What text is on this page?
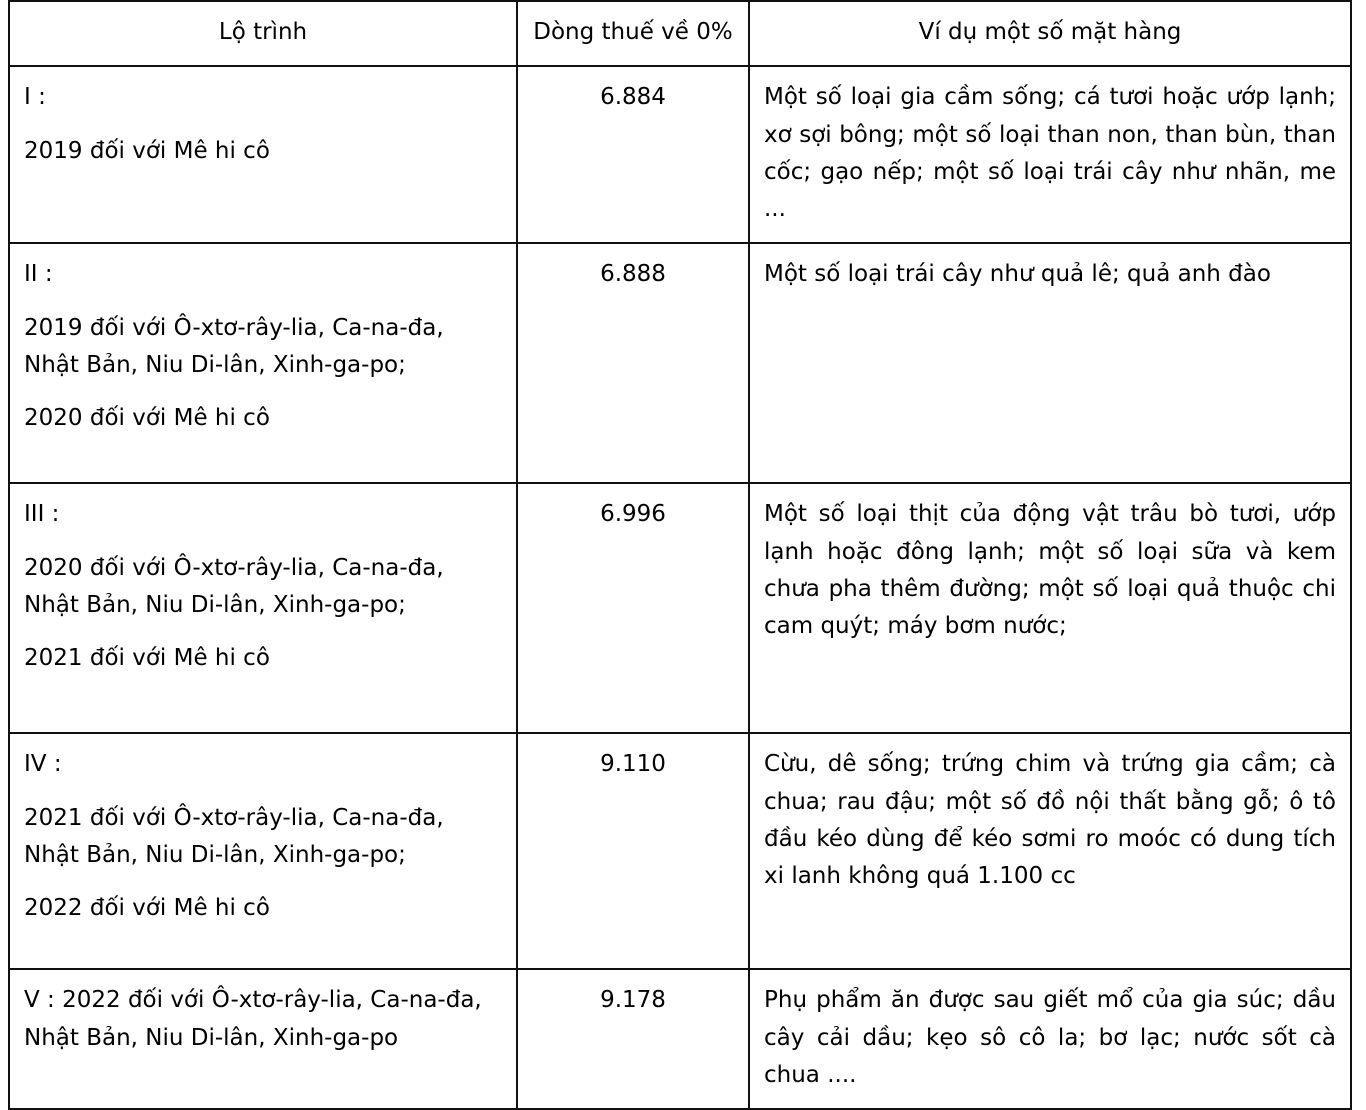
Lộ trình	Dòng thuế về 0%	Ví dụ một số mặt hàng

I :

2019 đối với Mê hi cô	6.884	Một số loại gia cầm sống; cá tươi hoặc ướp lạnh; xơ sợi bông; một số loại than non, than bùn, than cốc; gạo nếp; một số loại trái cây như nhãn, me ...

II :

2019 đối với Ô-xtơ-rây-lia, Ca-na-đa, Nhật Bản, Niu Di-lân, Xinh-ga-po;

2020 đối với Mê hi cô	6.888	Một số loại trái cây như quả lê; quả anh đào

III :

2020 đối với Ô-xtơ-rây-lia, Ca-na-đa, Nhật Bản, Niu Di-lân, Xinh-ga-po;

2021 đối với Mê hi cô	6.996	Một số loại thịt của động vật trâu bò tươi, ướp lạnh hoặc đông lạnh; một số loại sữa và kem chưa pha thêm đường; một số loại quả thuộc chi cam quýt; máy bơm nước;

IV :

2021 đối với Ô-xtơ-rây-lia, Ca-na-đa, Nhật Bản, Niu Di-lân, Xinh-ga-po;

2022 đối với Mê hi cô	9.110	Cừu, dê sống; trứng chim và trứng gia cầm; cà chua; rau đậu; một số đồ nội thất bằng gỗ; ô tô đầu kéo dùng để kéo sơmi ro moóc có dung tích xi lanh không quá 1.100 cc

V : 2022 đối với Ô-xtơ-rây-lia, Ca-na-đa, Nhật Bản, Niu Di-lân, Xinh-ga-po	9.178	Phụ phẩm ăn được sau giết mổ của gia súc; dầu cây cải dầu; kẹo sô cô la; bơ lạc; nước sốt cà chua ....
